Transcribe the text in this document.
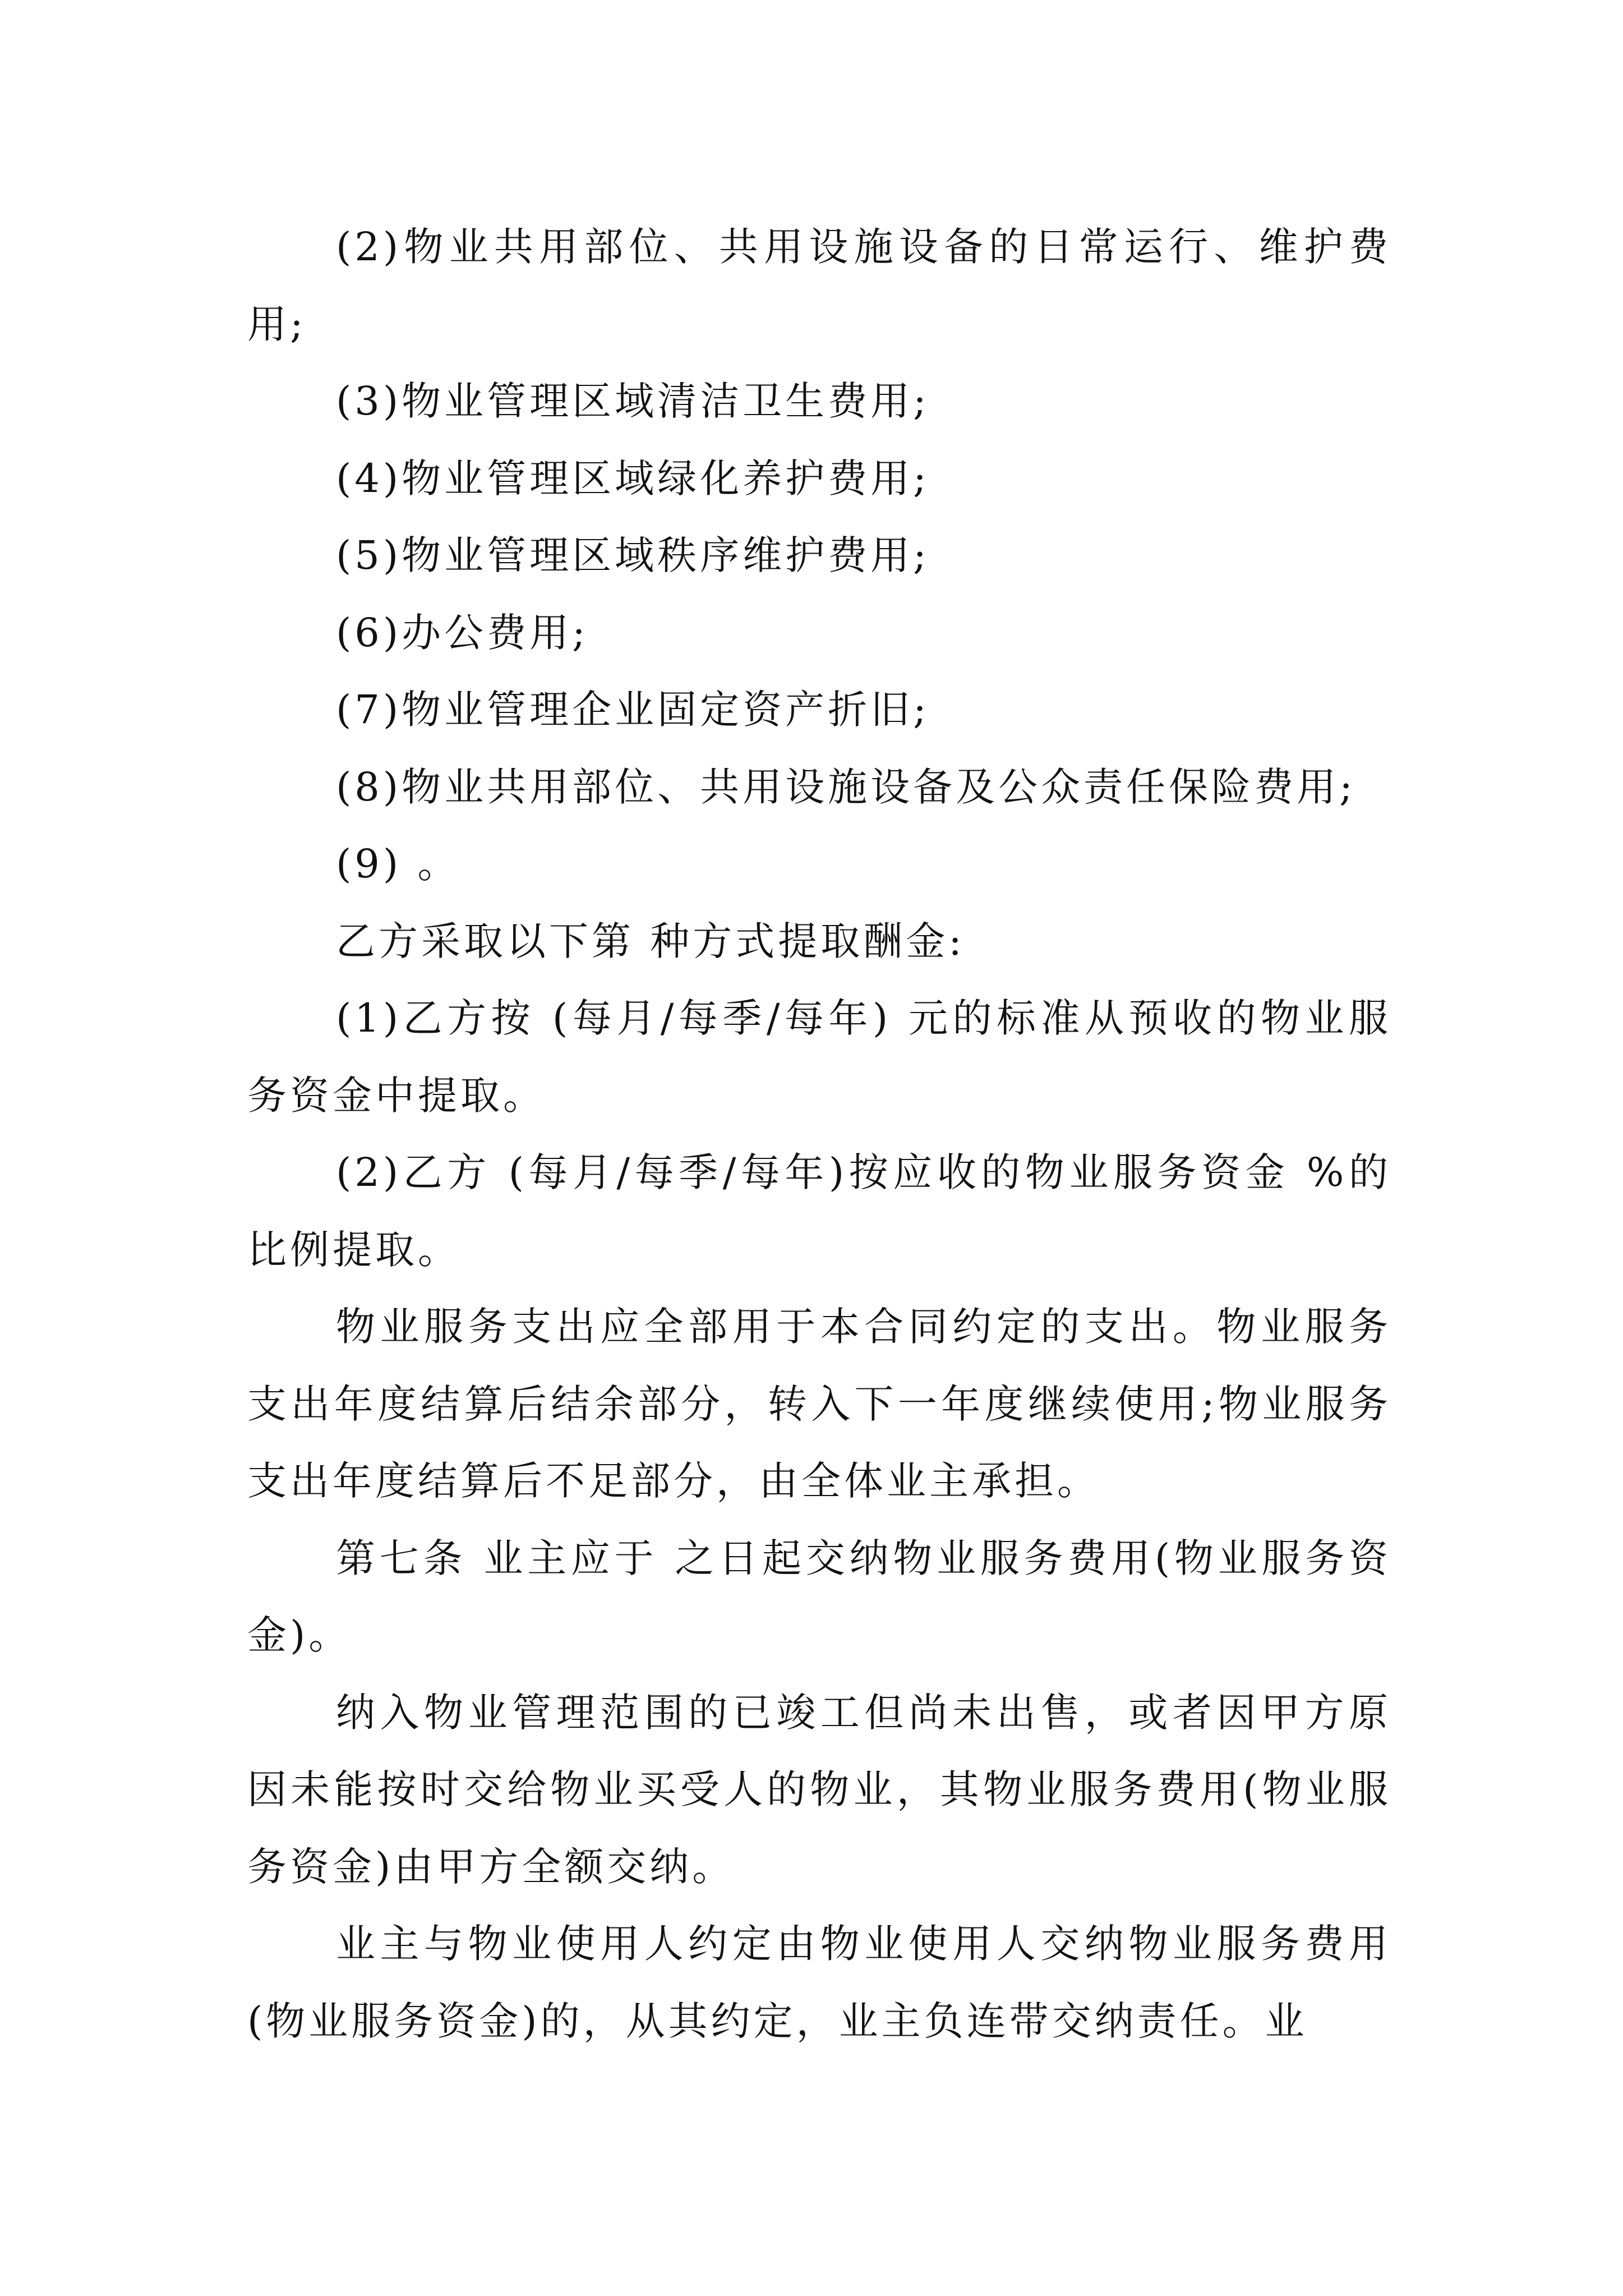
(2)物业共用部位、共用设施设备的日常运行、维护费用;

(3)物业管理区域清洁卫生费用;

(4)物业管理区域绿化养护费用;

(5)物业管理区域秩序维护费用;

(6)办公费用;

(7)物业管理企业固定资产折旧;

(8)物业共用部位、共用设施设备及公众责任保险费用;

(9) 。

乙方采取以下第 种方式提取酬金:

(1)乙方按 (每月/每季/每年) 元的标准从预收的物业服务资金中提取。

(2)乙方 (每月/每季/每年)按应收的物业服务资金 %的比例提取。

物业服务支出应全部用于本合同约定的支出。物业服务支出年度结算后结余部分，转入下一年度继续使用;物业服务支出年度结算后不足部分，由全体业主承担。

第七条 业主应于 之日起交纳物业服务费用(物业服务资金)。

纳入物业管理范围的已竣工但尚未出售，或者因甲方原因未能按时交给物业买受人的物业，其物业服务费用(物业服务资金)由甲方全额交纳。

业主与物业使用人约定由物业使用人交纳物业服务费用(物业服务资金)的，从其约定，业主负连带交纳责任。业
